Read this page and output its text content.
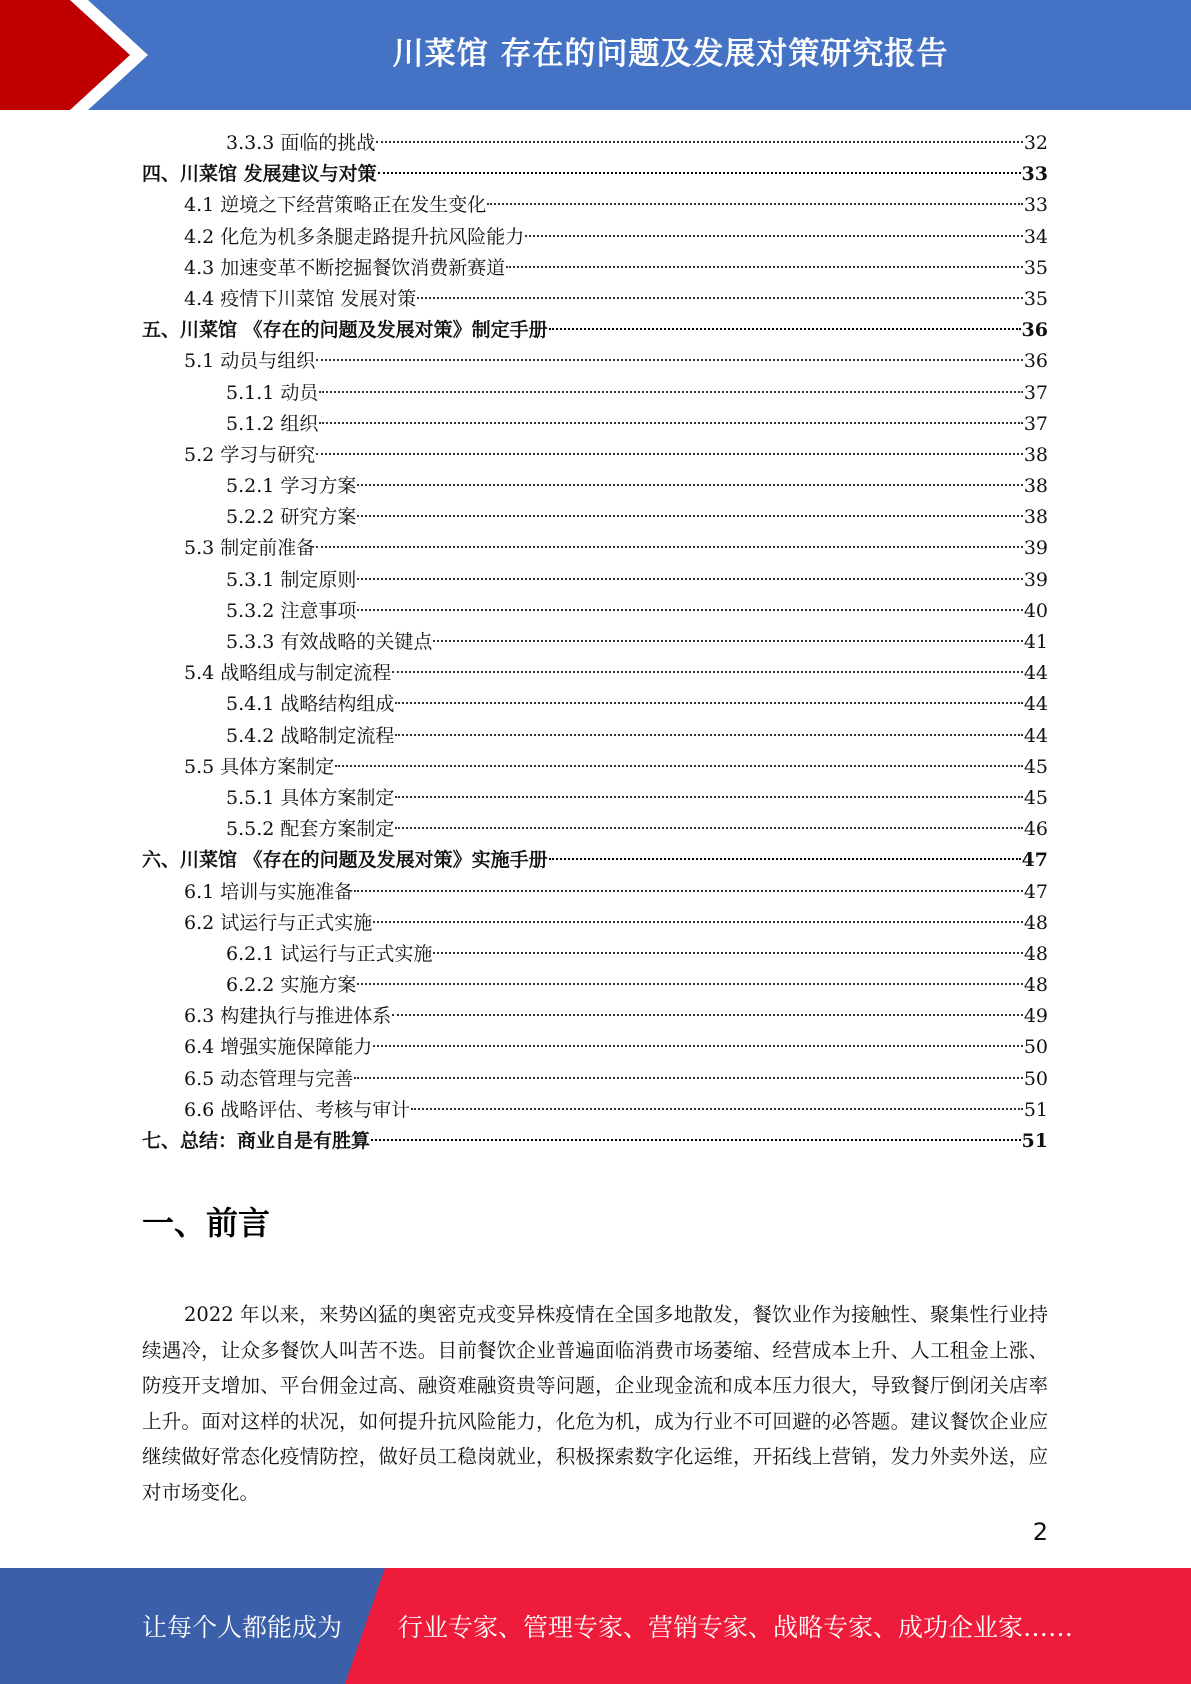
川菜馆 存在的问题及发展对策研究报告
3.3.3 面临的挑战	32
四、川菜馆 发展建议与对策	33
4.1 逆境之下经营策略正在发生变化	33
4.2 化危为机多条腿走路提升抗风险能力	34
4.3 加速变革不断挖掘餐饮消费新赛道	35
4.4 疫情下川菜馆 发展对策	35
五、川菜馆 《存在的问题及发展对策》制定手册	36
5.1 动员与组织	36
5.1.1 动员	37
5.1.2 组织	37
5.2 学习与研究	38
5.2.1 学习方案	38
5.2.2 研究方案	38
5.3 制定前准备	39
5.3.1 制定原则	39
5.3.2 注意事项	40
5.3.3 有效战略的关键点	41
5.4 战略组成与制定流程	44
5.4.1 战略结构组成	44
5.4.2 战略制定流程	44
5.5 具体方案制定	45
5.5.1 具体方案制定	45
5.5.2 配套方案制定	46
六、川菜馆 《存在的问题及发展对策》实施手册	47
6.1 培训与实施准备	47
6.2 试运行与正式实施	48
6.2.1 试运行与正式实施	48
6.2.2 实施方案	48
6.3 构建执行与推进体系	49
6.4 增强实施保障能力	50
6.5 动态管理与完善	50
6.6 战略评估、考核与审计	51
七、总结：商业自是有胜算	51
一、前言

2022 年以来，来势凶猛的奥密克戎变异株疫情在全国多地散发，餐饮业作为接触性、聚集性行业持续遇冷，让众多餐饮人叫苦不迭。目前餐饮企业普遍面临消费市场萎缩、经营成本上升、人工租金上涨、防疫开支增加、平台佣金过高、融资难融资贵等问题，企业现金流和成本压力很大，导致餐厅倒闭关店率上升。面对这样的状况，如何提升抗风险能力，化危为机，成为行业不可回避的必答题。建议餐饮企业应继续做好常态化疫情防控，做好员工稳岗就业，积极探索数字化运维，开拓线上营销，发力外卖外送，应对市场变化。

2
让每个人都能成为 行业专家、管理专家、营销专家、战略专家、成功企业家……
